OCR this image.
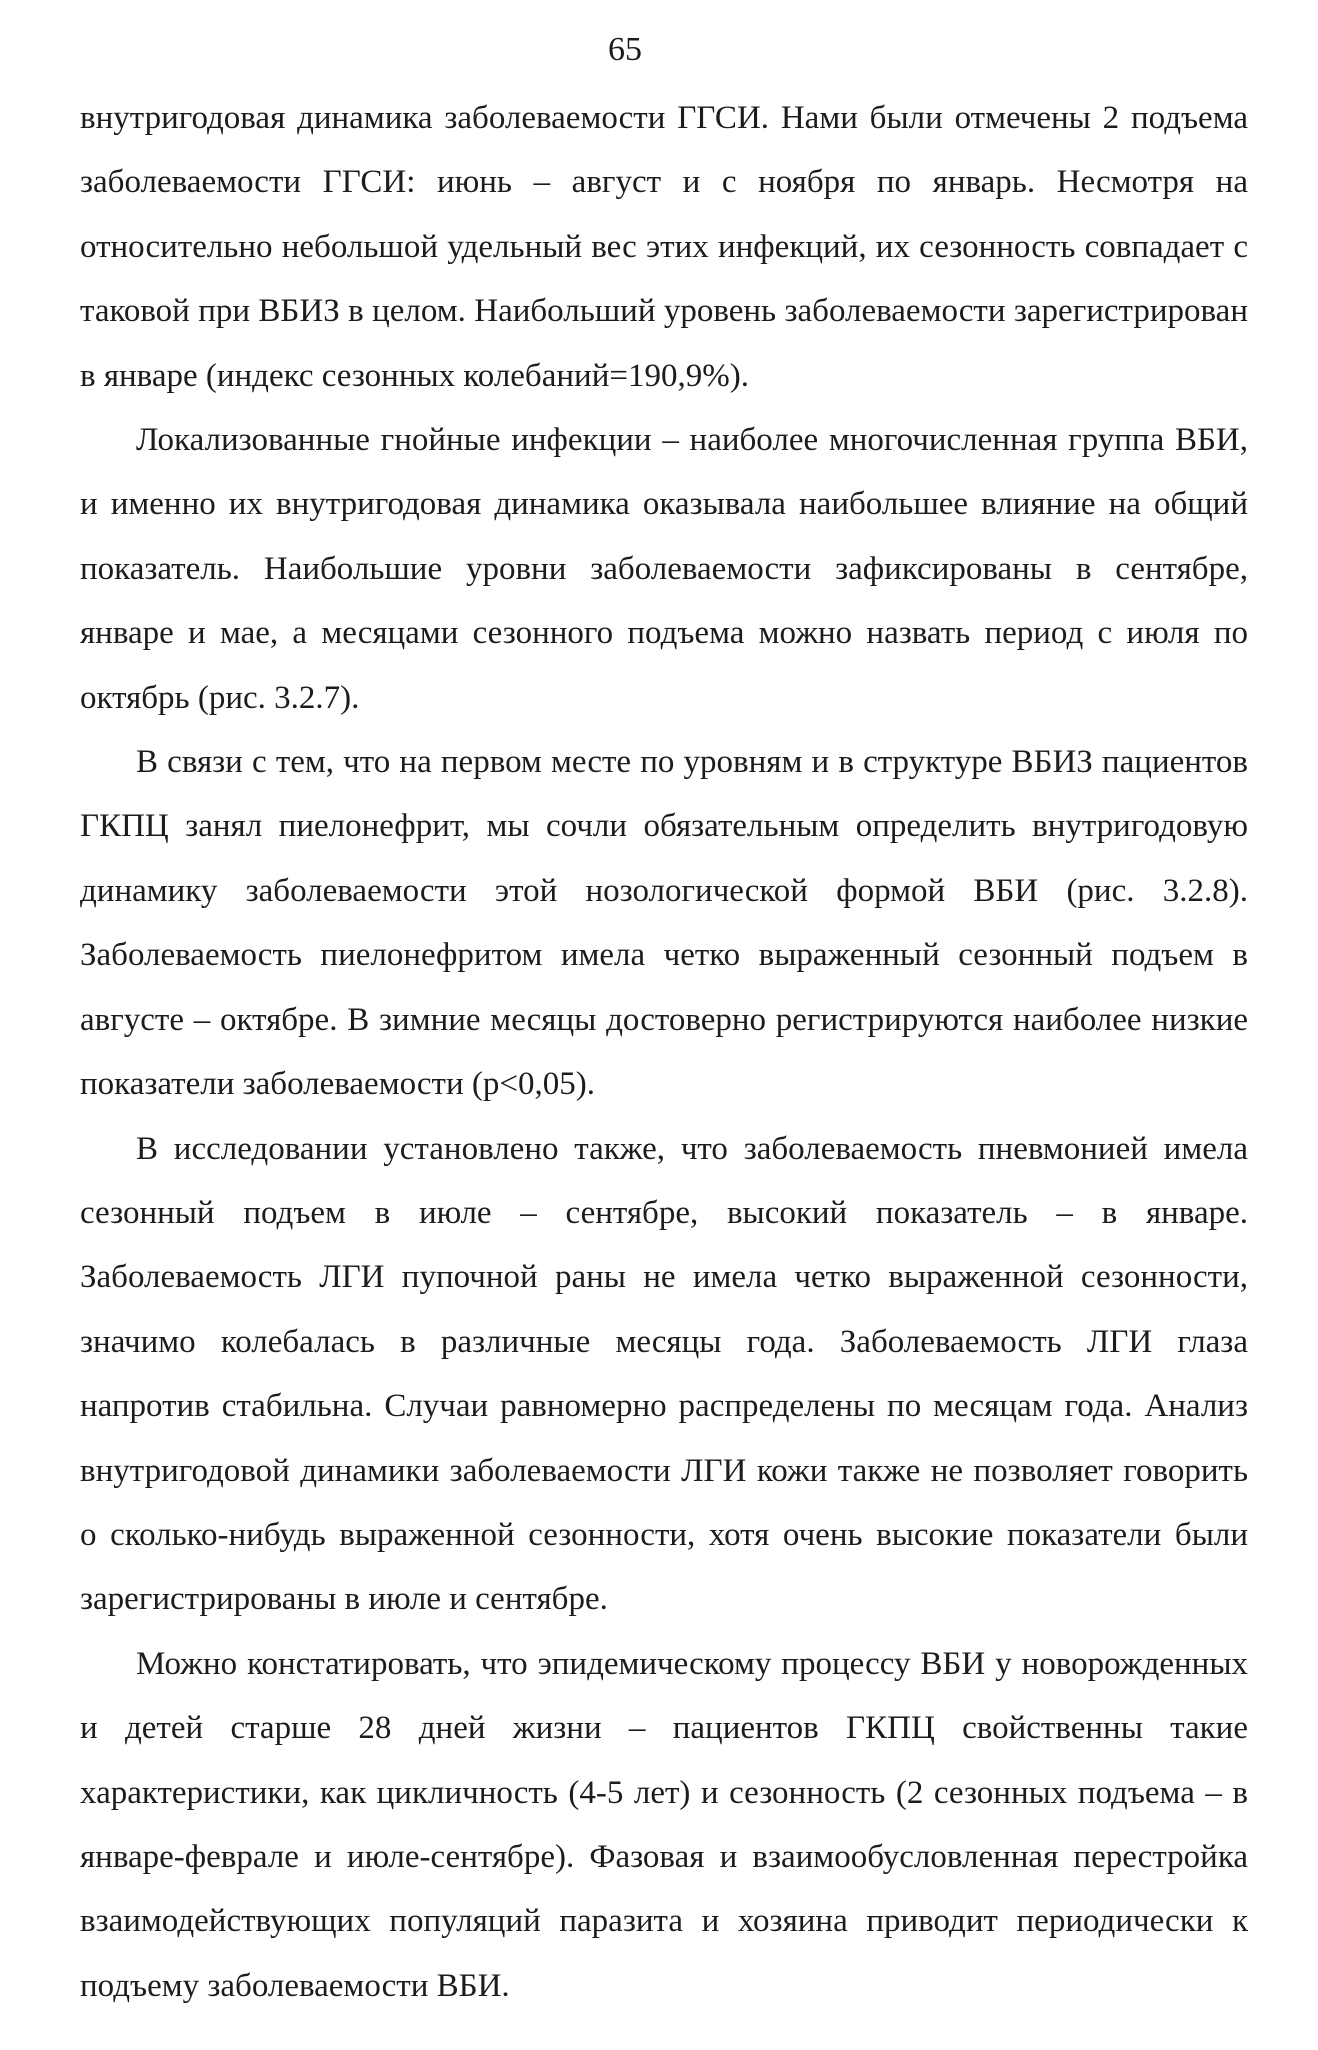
65

внутригодовая динамика заболеваемости ГГСИ. Нами были отмечены 2 подъема заболеваемости ГГСИ: июнь – август и с ноября по январь. Несмотря на относительно небольшой удельный вес этих инфекций, их сезонность совпадает с таковой при ВБИЗ в целом. Наибольший уровень заболеваемости зарегистрирован в январе (индекс сезонных колебаний=190,9%).

Локализованные гнойные инфекции – наиболее многочисленная группа ВБИ, и именно их внутригодовая динамика оказывала наибольшее влияние на общий показатель. Наибольшие уровни заболеваемости зафиксированы в сентябре, январе и мае, а месяцами сезонного подъема можно назвать период с июля по октябрь (рис. 3.2.7).

В связи с тем, что на первом месте по уровням и в структуре ВБИЗ пациентов ГКПЦ занял пиелонефрит, мы сочли обязательным определить внутригодовую динамику заболеваемости этой нозологической формой ВБИ (рис. 3.2.8). Заболеваемость пиелонефритом имела четко выраженный сезонный подъем в августе – октябре. В зимние месяцы достоверно регистрируются наиболее низкие показатели заболеваемости (р<0,05).

В исследовании установлено также, что заболеваемость пневмонией имела сезонный подъем в июле – сентябре, высокий показатель – в январе. Заболеваемость ЛГИ пупочной раны не имела четко выраженной сезонности, значимо колебалась в различные месяцы года. Заболеваемость ЛГИ глаза напротив стабильна. Случаи равномерно распределены по месяцам года. Анализ внутригодовой динамики заболеваемости ЛГИ кожи также не позволяет говорить о сколько-нибудь выраженной сезонности, хотя очень высокие показатели были зарегистрированы в июле и сентябре.

Можно констатировать, что эпидемическому процессу ВБИ у новорожденных и детей старше 28 дней жизни – пациентов ГКПЦ свойственны такие характеристики, как цикличность (4-5 лет) и сезонность (2 сезонных подъема – в январе-феврале и июле-сентябре). Фазовая и взаимообусловленная перестройка взаимодействующих популяций паразита и хозяина приводит периодически к подъему заболеваемости ВБИ.
